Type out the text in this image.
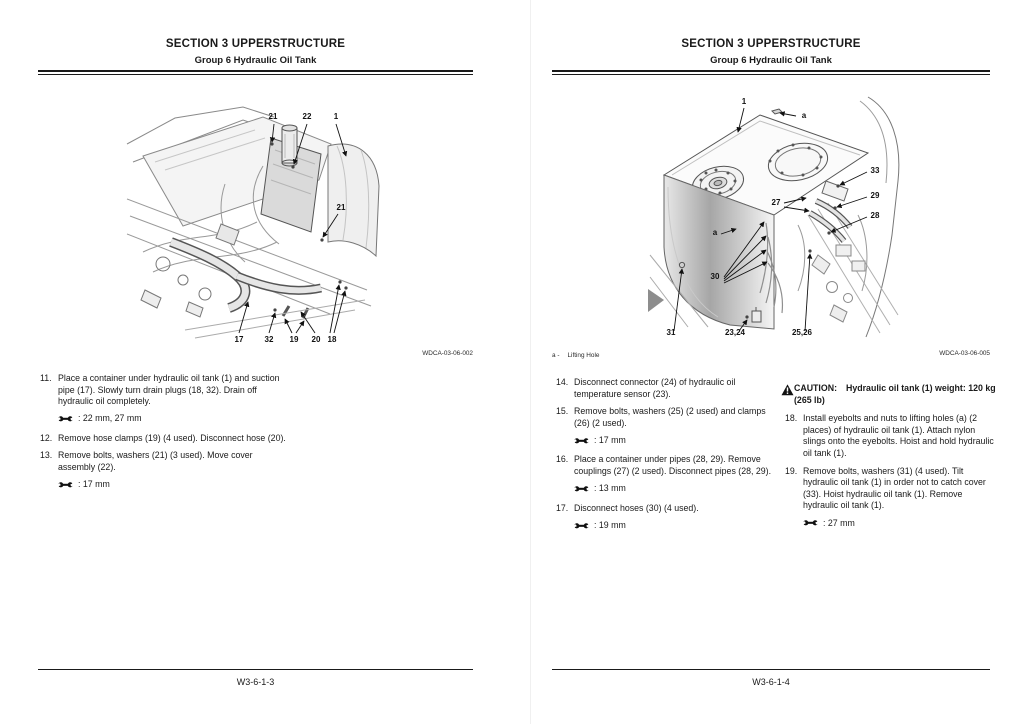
SECTION 3 UPPERSTRUCTURE
Group 6 Hydraulic Oil Tank
21	22	1
21
17	32 19 20 18
WDCA-03-06-002
11. Place a container under hydraulic oil tank (1) and suction pipe (17). Slowly turn drain plugs (18, 32). Drain off hydraulic oil completely.
: 22 mm, 27 mm
12. Remove hose clamps (19) (4 used). Disconnect hose (20).
13. Remove bolts, washers (21) (3 used). Move cover assembly (22).
: 17 mm
W3-6-1-3
SECTION 3 UPPERSTRUCTURE
Group 6 Hydraulic Oil Tank
1
a
33
29
28
27
a
30
31	23,24	25,26
a - Lifting Hole	WDCA-03-06-005
14. Disconnect connector (24) of hydraulic oil temperature sensor (23).
15. Remove bolts, washers (25) (2 used) and clamps (26) (2 used).
: 17 mm
16. Place a container under pipes (28, 29). Remove couplings (27) (2 used). Disconnect pipes (28, 29).
: 13 mm
17. Disconnect hoses (30) (4 used).
: 19 mm
CAUTION: Hydraulic oil tank (1) weight: 120 kg (265 lb)
18. Install eyebolts and nuts to lifting holes (a) (2 places) of hydraulic oil tank (1). Attach nylon slings onto the eyebolts. Hoist and hold hydraulic oil tank (1).
19. Remove bolts, washers (31) (4 used). Tilt hydraulic oil tank (1) in order not to catch cover (33). Hoist hydraulic oil tank (1). Remove hydraulic oil tank (1).
: 27 mm
W3-6-1-4
